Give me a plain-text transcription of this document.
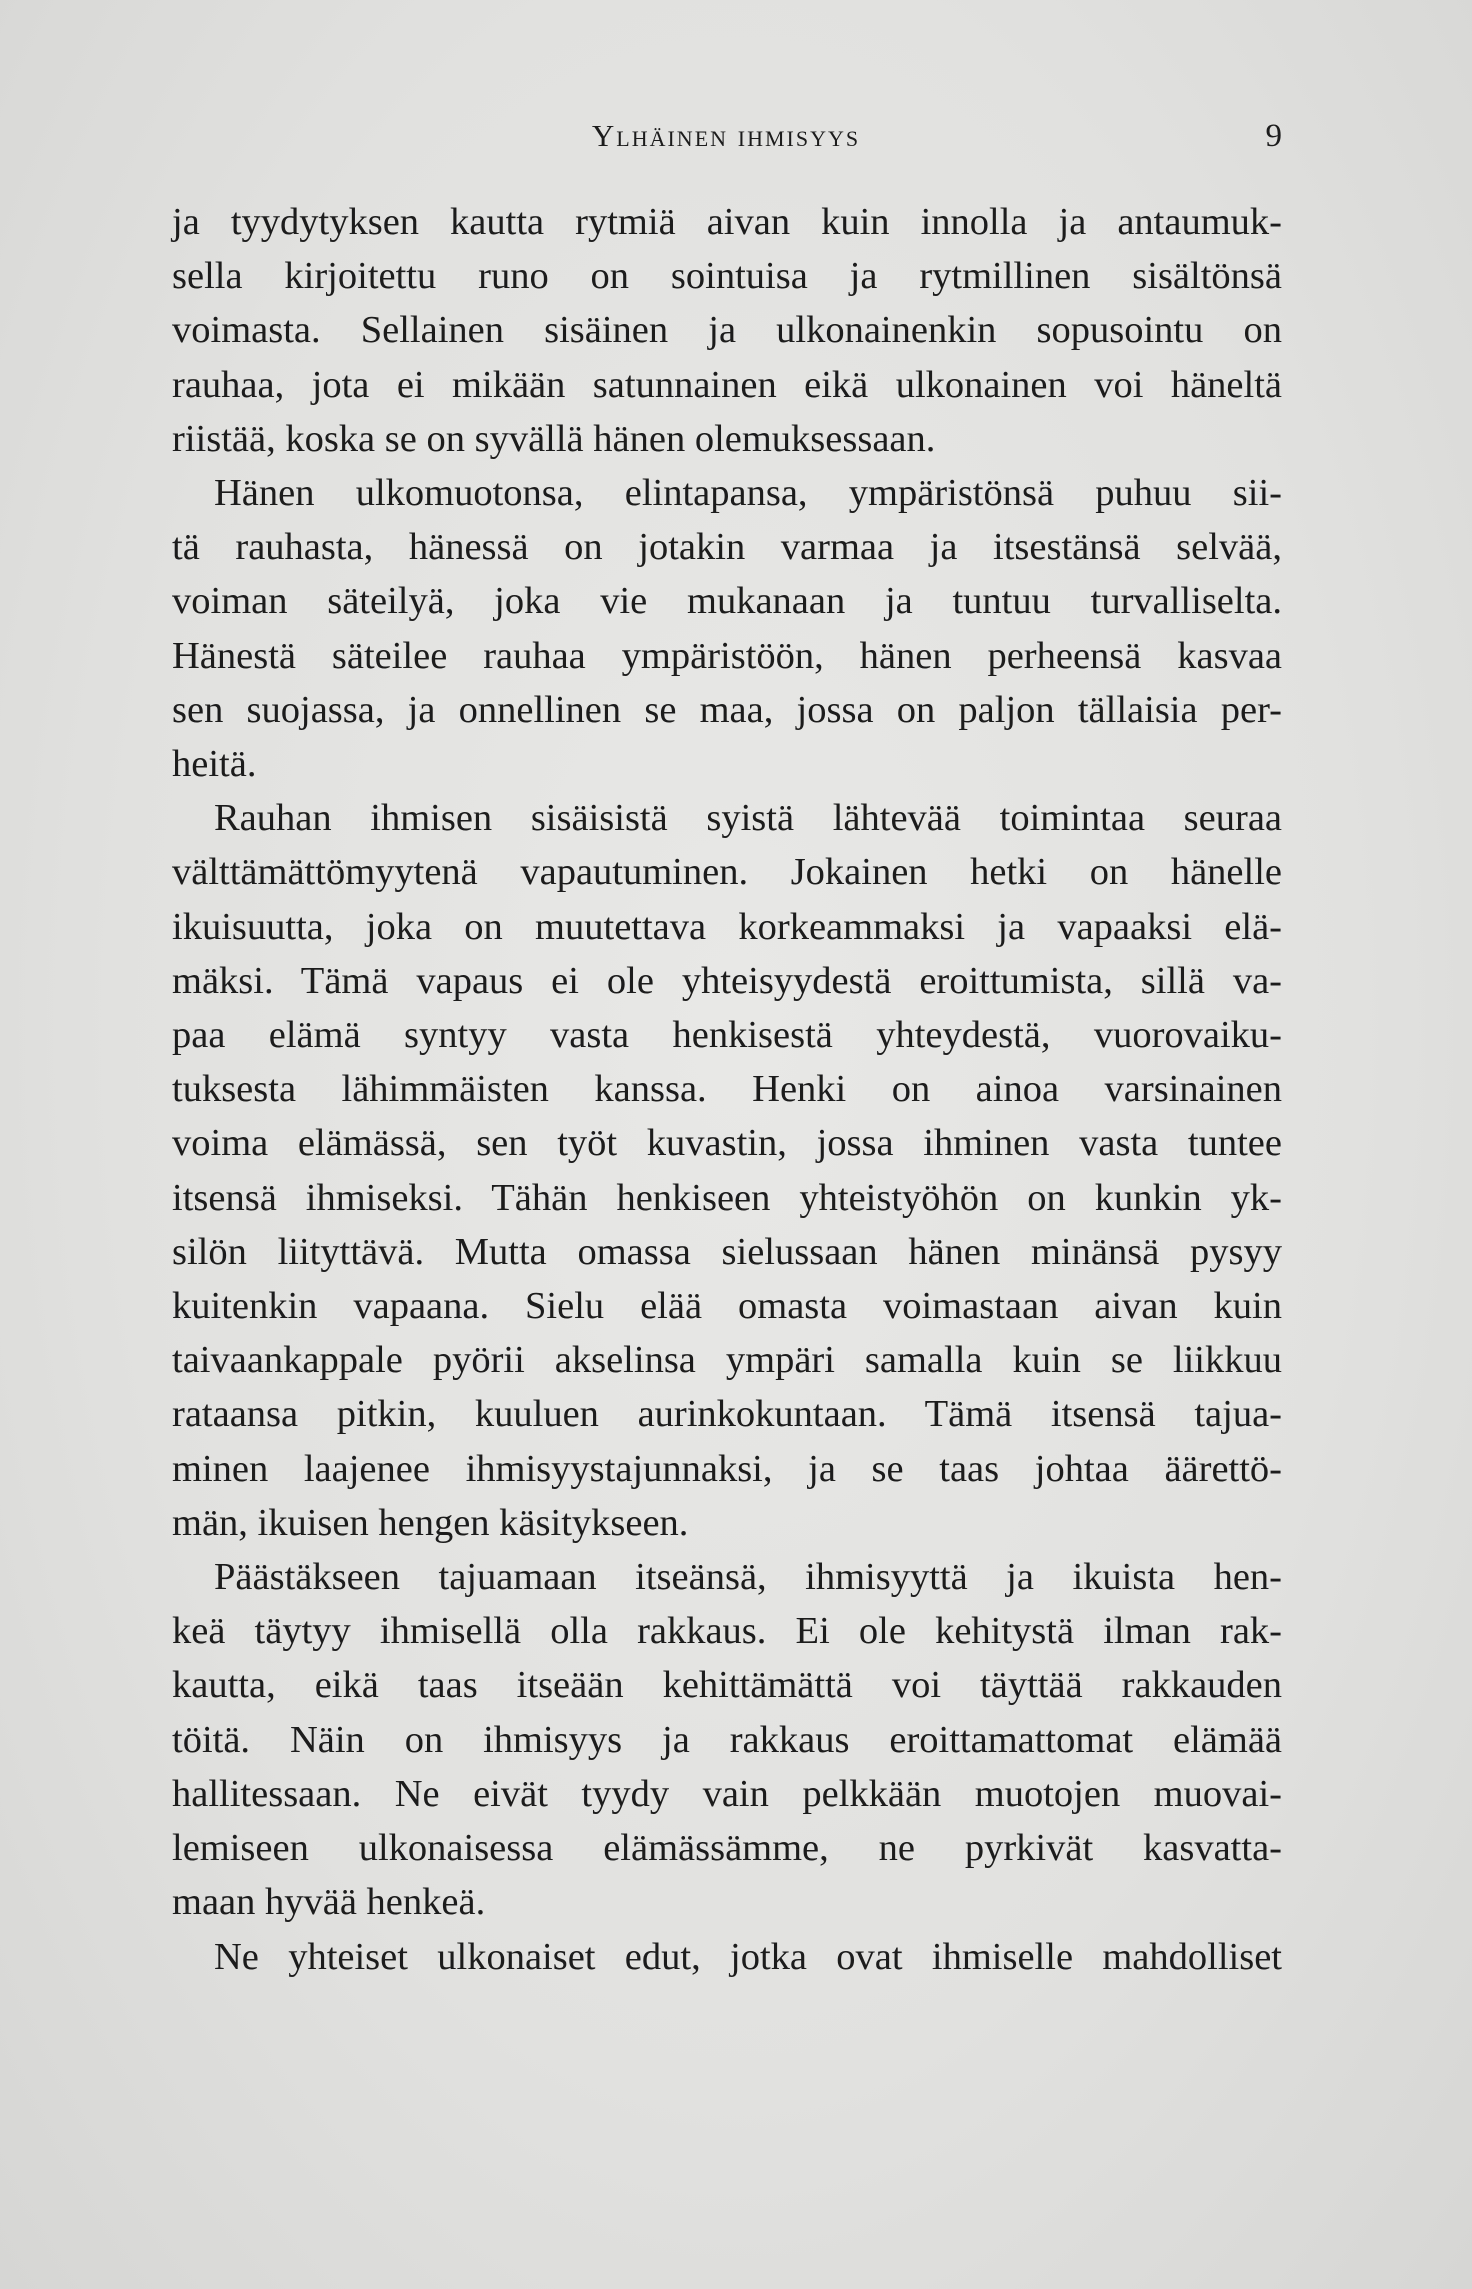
Ylhäinen ihmisyys	9

ja tyydytyksen kautta rytmiä aivan kuin innolla ja antaumuk-
sella kirjoitettu runo on sointuisa ja rytmillinen sisältönsä
voimasta. Sellainen sisäinen ja ulkonainenkin sopusointu on
rauhaa, jota ei mikään satunnainen eikä ulkonainen voi häneltä
riistää, koska se on syvällä hänen olemuksessaan.

Hänen ulkomuotonsa, elintapansa, ympäristönsä puhuu sii-
tä rauhasta, hänessä on jotakin varmaa ja itsestänsä selvää,
voiman säteilyä, joka vie mukanaan ja tuntuu turvalliselta.
Hänestä säteilee rauhaa ympäristöön, hänen perheensä kasvaa
sen suojassa, ja onnellinen se maa, jossa on paljon tällaisia per-
heitä.

Rauhan ihmisen sisäisistä syistä lähtevää toimintaa seuraa
välttämättömyytenä vapautuminen. Jokainen hetki on hänelle
ikuisuutta, joka on muutettava korkeammaksi ja vapaaksi elä-
mäksi. Tämä vapaus ei ole yhteisyydestä eroittumista, sillä va-
paa elämä syntyy vasta henkisestä yhteydestä, vuorovaiku-
tuksesta lähimmäisten kanssa. Henki on ainoa varsinainen
voima elämässä, sen työt kuvastin, jossa ihminen vasta tuntee
itsensä ihmiseksi. Tähän henkiseen yhteistyöhön on kunkin yk-
silön liityttävä. Mutta omassa sielussaan hänen minänsä pysyy
kuitenkin vapaana. Sielu elää omasta voimastaan aivan kuin
taivaankappale pyörii akselinsa ympäri samalla kuin se liikkuu
rataansa pitkin, kuuluen aurinkokuntaan. Tämä itsensä tajua-
minen laajenee ihmisyystajunnaksi, ja se taas johtaa äärettö-
män, ikuisen hengen käsitykseen.

Päästäkseen tajuamaan itseänsä, ihmisyyttä ja ikuista hen-
keä täytyy ihmisellä olla rakkaus. Ei ole kehitystä ilman rak-
kautta, eikä taas itseään kehittämättä voi täyttää rakkauden
töitä. Näin on ihmisyys ja rakkaus eroittamattomat elämää
hallitessaan. Ne eivät tyydy vain pelkkään muotojen muovai-
lemiseen ulkonaisessa elämässämme, ne pyrkivät kasvatta-
maan hyvää henkeä.

Ne yhteiset ulkonaiset edut, jotka ovat ihmiselle mahdolliset
